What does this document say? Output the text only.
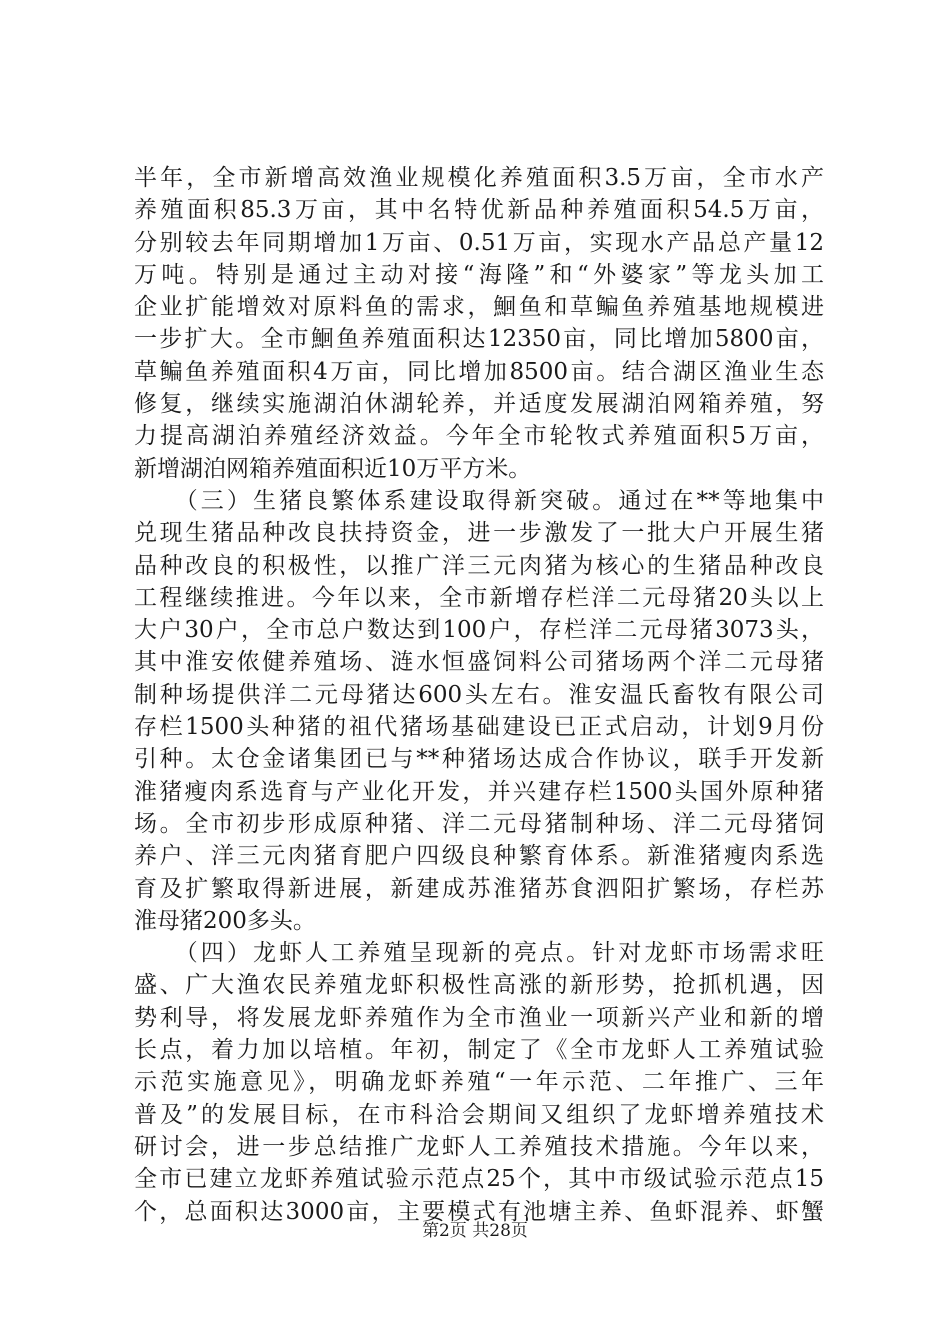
半年，全市新增高效渔业规模化养殖面积3.5万亩，全市水产
养殖面积85.3万亩，其中名特优新品种养殖面积54.5万亩，
分别较去年同期增加1万亩、0.51万亩，实现水产品总产量12
万吨。特别是通过主动对接“海隆”和“外婆家”等龙头加工
企业扩能增效对原料鱼的需求，鮰鱼和草鳊鱼养殖基地规模进
一步扩大。全市鮰鱼养殖面积达12350亩，同比增加5800亩，
草鳊鱼养殖面积4万亩，同比增加8500亩。结合湖区渔业生态
修复，继续实施湖泊休湖轮养，并适度发展湖泊网箱养殖，努
力提高湖泊养殖经济效益。今年全市轮牧式养殖面积5万亩，
新增湖泊网箱养殖面积近10万平方米。

　　（三）生猪良繁体系建设取得新突破。通过在**等地集中
兑现生猪品种改良扶持资金，进一步激发了一批大户开展生猪
品种改良的积极性，以推广洋三元肉猪为核心的生猪品种改良
工程继续推进。今年以来，全市新增存栏洋二元母猪20头以上
大户30户，全市总户数达到100户，存栏洋二元母猪3073头，
其中淮安侬健养殖场、涟水恒盛饲料公司猪场两个洋二元母猪
制种场提供洋二元母猪达600头左右。淮安温氏畜牧有限公司
存栏1500头种猪的祖代猪场基础建设已正式启动，计划9月份
引种。太仓金诸集团已与**种猪场达成合作协议，联手开发新
淮猪瘦肉系选育与产业化开发，并兴建存栏1500头国外原种猪
场。全市初步形成原种猪、洋二元母猪制种场、洋二元母猪饲
养户、洋三元肉猪育肥户四级良种繁育体系。新淮猪瘦肉系选
育及扩繁取得新进展，新建成苏淮猪苏食泗阳扩繁场，存栏苏
淮母猪200多头。

　　（四）龙虾人工养殖呈现新的亮点。针对龙虾市场需求旺
盛、广大渔农民养殖龙虾积极性高涨的新形势，抢抓机遇，因
势利导，将发展龙虾养殖作为全市渔业一项新兴产业和新的增
长点，着力加以培植。年初，制定了《全市龙虾人工养殖试验
示范实施意见》，明确龙虾养殖“一年示范、二年推广、三年
普及”的发展目标，在市科洽会期间又组织了龙虾增养殖技术
研讨会，进一步总结推广龙虾人工养殖技术措施。今年以来，
全市已建立龙虾养殖试验示范点25个，其中市级试验示范点15
个，总面积达3000亩，主要模式有池塘主养、鱼虾混养、虾蟹

第2页 共28页
